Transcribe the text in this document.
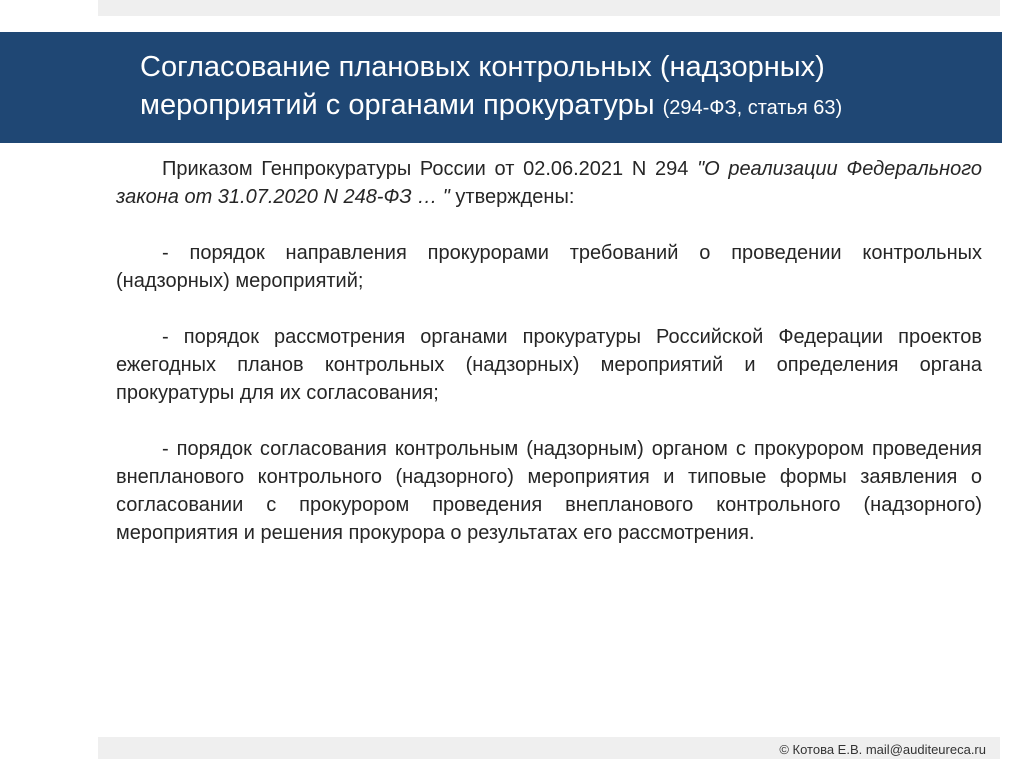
Согласование плановых контрольных (надзорных)
мероприятий с органами прокуратуры (294-ФЗ, статья 63)

Приказом Генпрокуратуры России от 02.06.2021 N 294 "О реализации Федерального закона от 31.07.2020 N 248-ФЗ … " утверждены:

- порядок направления прокурорами требований о проведении контрольных (надзорных) мероприятий;

- порядок рассмотрения органами прокуратуры Российской Федерации проектов ежегодных планов контрольных (надзорных) мероприятий и определения органа прокуратуры для их согласования;

- порядок согласования контрольным (надзорным) органом с прокурором проведения внепланового контрольного (надзорного) мероприятия и типовые формы заявления о согласовании с прокурором проведения внепланового контрольного (надзорного) мероприятия и решения прокурора о результатах его рассмотрения.

© Котова Е.В. mail@auditeureca.ru
